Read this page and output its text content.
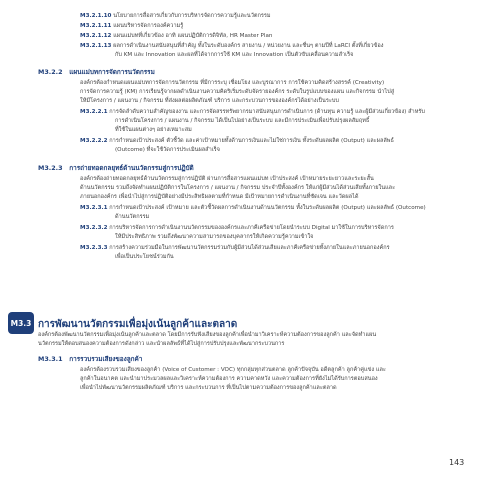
M3.2.1.10 นโยบายการสื่อสารเกี่ยวกับการบริหารจัดการความรู้และนวัตกรรม
M3.2.1.11 แผนบริหารจัดการองค์ความรู้
M3.2.1.12 แผนแม่บทที่เกี่ยวข้อง อาทิ แผนปฏิบัติการดิจิทัล, HR Master Plan
M3.2.1.13 ผลการดำเนินงานสนับสนุนที่สำคัญ ทั้งในระดับองค์กร สายงาน / หน่วยงาน และชื่นๆ ตามปีที่ LaRCI ตั้งที่เกี่ยวข้อง
กับ KM และ Innovation และผลที่ได้จากการใช้ KM และ Innovation เป็นตัวขับเคลื่อนความสำเร็จ
M3.2.2 แผนแม่บทการจัดการนวัตกรรม
องค์กรต้องกำหนดแผนแม่บทการจัดการนวัตกรรม ที่มีการระบุ เชื่อมโยง และบูรณาการ การใช้ความคิดสร้างสรรค์ (Creativity)
การจัดการความรู้ (KM) การเรียนรู้จากผลดำเนินงานความคิดริเริ่มระดับจัดรายองค์กร ระดับในรูปแบบของแผน และกิจกรรม นำไปสู่
ให้มีโครงการ / แผนงาน / กิจกรรม ที่ส่งผลต่อผลิตภัณฑ์ บริการ และกระบวนการขององค์กรได้อย่างเป็นระบบ
M3.2.2.1 การจัดลำดับความสำคัญของงาน และการจัดสรรทรัพยากรมาสนับสนุนการดำเนินการ (ด้านทุน ความรู้ และผู้มีส่วนเกี่ยวข้อง) สำหรับ
การดำเนินโครงการ / แผนงาน / กิจกรรม ได้เป็นไปอย่างเป็นระบบ และมีการประเมินเพื่อปรับปรุงผลสัมฤทธิ์
ที่ใช้ในแผนต่างๆ อย่างเหมาะสม
M3.2.2.2 การกำหนดเป้าประสงค์ ตัวชี้วัด และค่าเป้าหมายทั้งด้านการเงินและไม่ใช่การเงิน ทั้งระดับผลผลิต (Output) และผลลัพธ์
(Outcome) ที่จะใช้วัดการประเมินผลสำเร็จ
M3.2.3 การถ่ายทอดกลยุทธ์ด้านนวัตกรรมสู่การปฏิบัติ
องค์กรต้องถ่ายทอดกลยุทธ์ด้านนวัตกรรมสู่การปฏิบัติ ผ่านการสื่อสารแผนแม่บท เป้าประสงค์ เป้าหมายระยะยาวและระยะสั้น
ด้านนวัตกรรม รวมถึงจัดทำแผนปฏิบัติการในโครงการ / แผนงาน / กิจกรรม ประจำปีทั้งองค์กร ให้แก่ผู้มีส่วนได้ส่วนเสียทั้งภายในและ
ภายนอกองค์กร เพื่อนำไปสู่การปฏิบัติอย่างมีประสิทธิผลตามที่กำหนด มีเป้าหมายการดำเนินงานที่ชัดเจน และวัดผลได้
M3.2.3.1 การกำหนดเป้าประสงค์ เป้าหมาย และตัวชี้วัดผลการดำเนินงานด้านนวัตกรรม ทั้งในระดับผลผลิต (Output) และผลลัพธ์ (Outcome)
ด้านนวัตกรรม
M3.2.3.2 การบริหารจัดการการดำเนินงานนวัตกรรมขององค์กรและภาคีเครือข่ายโดยนำระบบ Digital มาใช้ในการบริหารจัดการ
ให้มีประสิทธิภาพ รวมถึงพัฒนาความสามารถของบุคลากรให้เกิดความรู้ความเข้าใจ
M3.2.3.3 การสร้างความร่วมมือในการพัฒนานวัตกรรมร่วมกับผู้มีส่วนได้ส่วนเสียและภาคีเครือข่ายทั้งภายในและภายนอกองค์กร
เพื่อเป็นประโยชน์ร่วมกัน
M3.3 การพัฒนานวัตกรรมเพื่อมุ่งเน้นลูกค้าและตลาด
องค์กรต้องพัฒนานวัตกรรมเพื่อมุ่งเน้นลูกค้าและตลาด โดยมีการรับฟังเสียงของลูกค้าเพื่อนำมาวิเคราะห์ความต้องการของลูกค้า และจัดทำแผน
นวัตกรรมให้ตอบสนองความต้องการดังกล่าว และนำผลลัพธ์ที่ได้ไปสู่การปรับปรุงและพัฒนากระบวนการ
M3.3.1 การรวบรวมเสียงของลูกค้า
องค์กรต้องรวบรวมเสียงของลูกค้า (Voice of Customer : VOC) ทุกกลุ่มทุกส่วนตลาด ลูกค้าปัจจุบัน อดีตลูกค้า ลูกค้าคู่แข่ง และ
ลูกค้าในอนาคต และนำมาประมวลผลและวิเคราะห์ความต้องการ ความคาดหวัง และความต้องการที่ยังไม่ได้รับการตอบสนอง
เพื่อนำไปพัฒนานวัตกรรมผลิตภัณฑ์ บริการ และกระบวนการ ที่เป็นไปตามความต้องการของลูกค้าและตลาด
143
